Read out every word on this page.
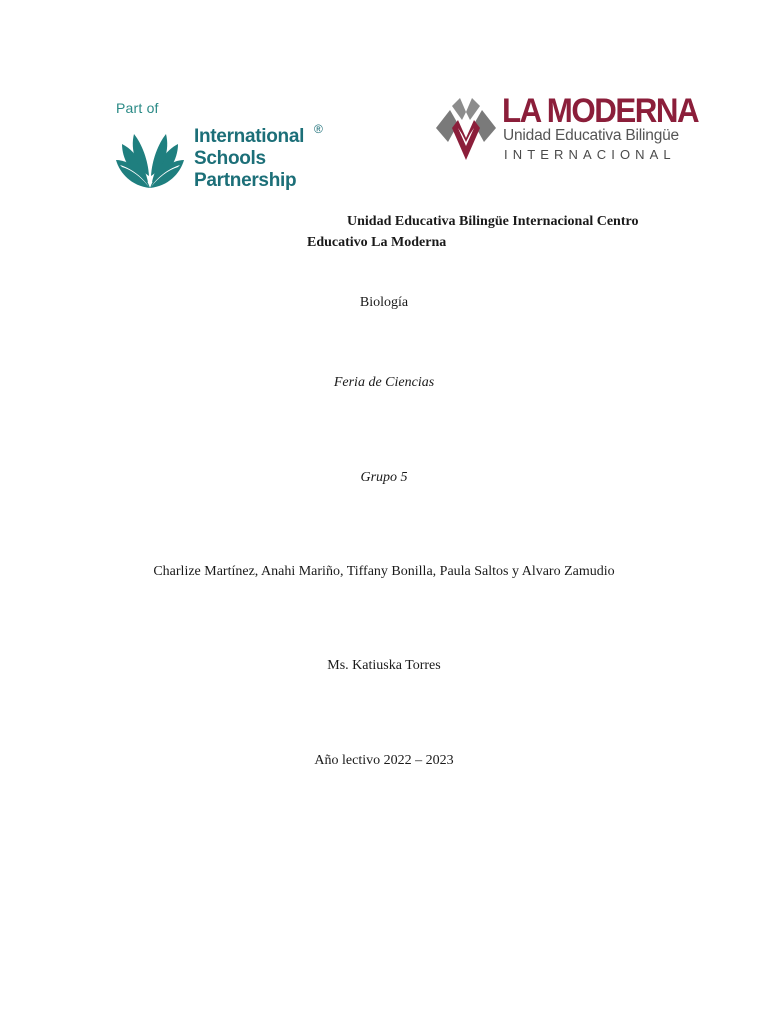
Part of
International
Schools
Partnership
®	LA MODERNA
Unidad Educativa Bilingüe
INTERNACIONAL
Unidad Educativa Bilingüe Internacional Centro
Educativo La Moderna
Biología
Feria de Ciencias
Grupo 5
Charlize Martínez, Anahi Mariño, Tiffany Bonilla, Paula Saltos y Alvaro Zamudio
Ms. Katiuska Torres
Año lectivo 2022 – 2023
